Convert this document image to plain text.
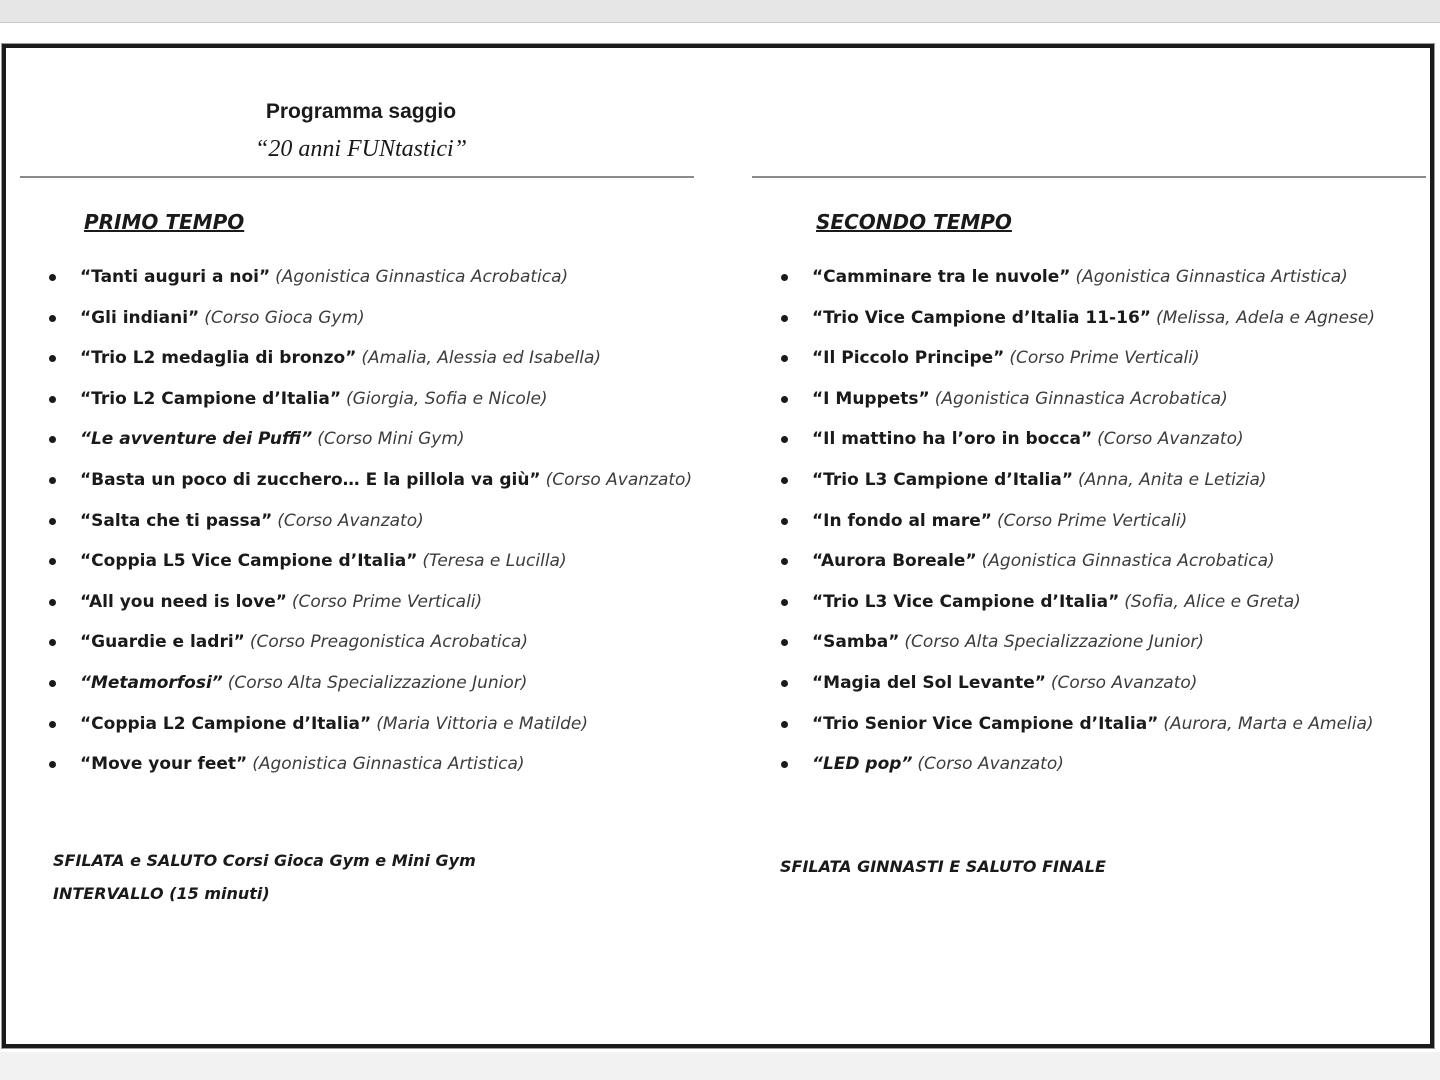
Programma saggio
“20 anni FUNtastici”
PRIMO TEMPO
“Tanti auguri a noi” (Agonistica Ginnastica Acrobatica)
“Gli indiani” (Corso Gioca Gym)
“Trio L2 medaglia di bronzo” (Amalia, Alessia ed Isabella)
“Trio L2 Campione d’Italia” (Giorgia, Sofia e Nicole)
“Le avventure dei Puffi” (Corso Mini Gym)
“Basta un poco di zucchero… E la pillola va giù” (Corso Avanzato)
“Salta che ti passa” (Corso Avanzato)
“Coppia L5 Vice Campione d’Italia” (Teresa e Lucilla)
“All you need is love” (Corso Prime Verticali)
“Guardie e ladri” (Corso Preagonistica Acrobatica)
“Metamorfosi” (Corso Alta Specializzazione Junior)
“Coppia L2 Campione d’Italia” (Maria Vittoria e Matilde)
“Move your feet” (Agonistica Ginnastica Artistica)
SECONDO TEMPO
“Camminare tra le nuvole” (Agonistica Ginnastica Artistica)
“Trio Vice Campione d’Italia 11-16” (Melissa, Adela e Agnese)
“Il Piccolo Principe” (Corso Prime Verticali)
“I Muppets” (Agonistica Ginnastica Acrobatica)
“Il mattino ha l’oro in bocca” (Corso Avanzato)
“Trio L3 Campione d’Italia” (Anna, Anita e Letizia)
“In fondo al mare” (Corso Prime Verticali)
“Aurora Boreale” (Agonistica Ginnastica Acrobatica)
“Trio L3 Vice Campione d’Italia” (Sofia, Alice e Greta)
“Samba” (Corso Alta Specializzazione Junior)
“Magia del Sol Levante” (Corso Avanzato)
“Trio Senior Vice Campione d’Italia” (Aurora, Marta e Amelia)
“LED pop” (Corso Avanzato)
SFILATA e SALUTO Corsi Gioca Gym e Mini Gym
INTERVALLO (15 minuti)
SFILATA GINNASTI E SALUTO FINALE
